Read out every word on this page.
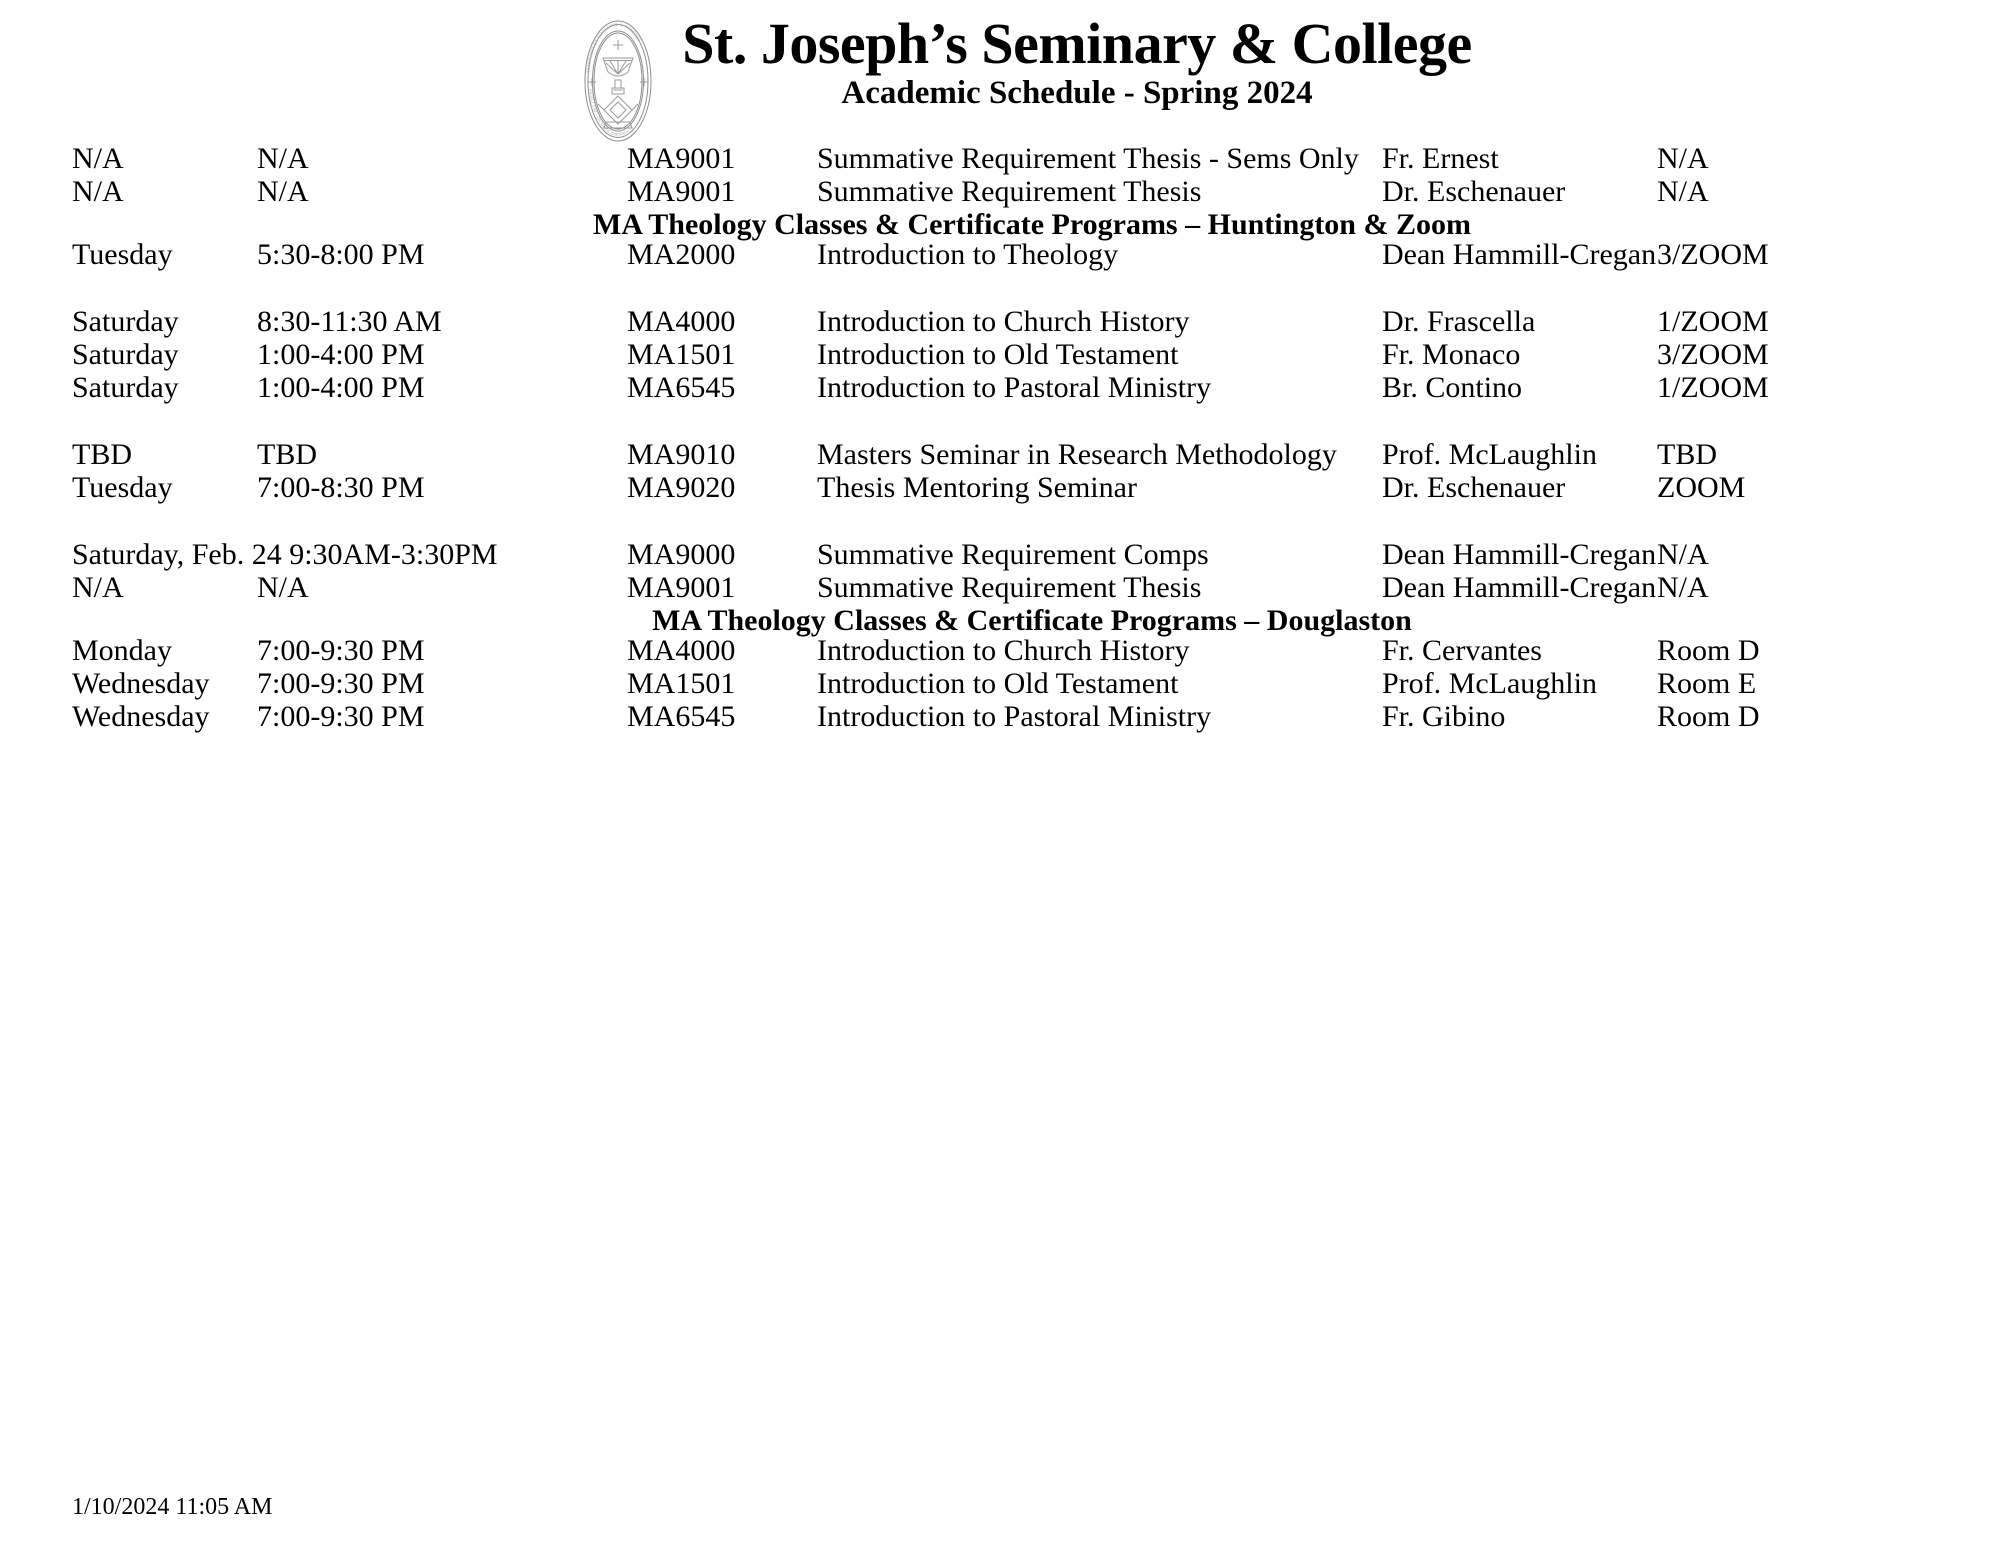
SEMINARII ET COLLEGII S. JOSEPHI
SIGILLUM · DUNWOODIENSIS
St. Joseph’s Seminary & College
Academic Schedule - Spring 2024
N/A	N/A	MA9001	Summative Requirement Thesis - Sems Only	Fr. Ernest	N/A
N/A	N/A	MA9001	Summative Requirement Thesis	Dr. Eschenauer	N/A
MA Theology Classes & Certificate Programs – Huntington & Zoom					
Tuesday	5:30-8:00 PM	MA2000	Introduction to Theology	Dean Hammill-Cregan	3/ZOOM

Saturday	8:30-11:30 AM	MA4000	Introduction to Church History	Dr. Frascella	1/ZOOM
Saturday	1:00-4:00 PM	MA1501	Introduction to Old Testament	Fr. Monaco	3/ZOOM
Saturday	1:00-4:00 PM	MA6545	Introduction to Pastoral Ministry	Br. Contino	1/ZOOM

TBD	TBD	MA9010	Masters Seminar in Research Methodology	Prof. McLaughlin	TBD
Tuesday	7:00-8:30 PM	MA9020	Thesis Mentoring Seminar	Dr. Eschenauer	ZOOM

Saturday, Feb. 24 9:30AM-3:30PM		MA9000	Summative Requirement Comps	Dean Hammill-Cregan	N/A
N/A	N/A	MA9001	Summative Requirement Thesis	Dean Hammill-Cregan	N/A
MA Theology Classes & Certificate Programs – Douglaston					
Monday	7:00-9:30 PM	MA4000	Introduction to Church History	Fr. Cervantes	Room D
Wednesday	7:00-9:30 PM	MA1501	Introduction to Old Testament	Prof. McLaughlin	Room E
Wednesday	7:00-9:30 PM	MA6545	Introduction to Pastoral Ministry	Fr. Gibino	Room D
1/10/2024 11:05 AM
